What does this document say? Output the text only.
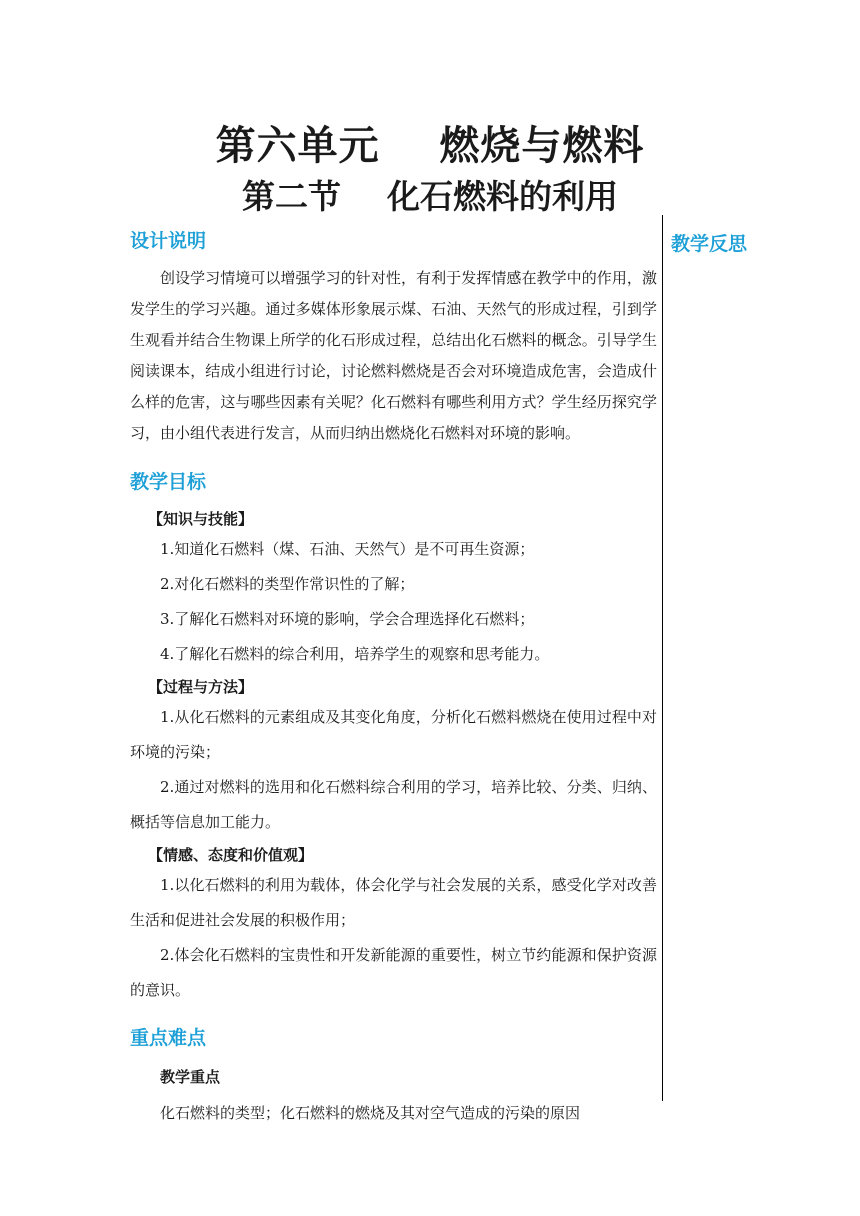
第六单元    燃烧与燃料
第二节    化石燃料的利用
教学反思
设计说明

创设学习情境可以增强学习的针对性，有利于发挥情感在教学中的作用，激发学生的学习兴趣。通过多媒体形象展示煤、石油、天然气的形成过程，引到学生观看并结合生物课上所学的化石形成过程，总结出化石燃料的概念。引导学生阅读课本，结成小组进行讨论，讨论燃料燃烧是否会对环境造成危害，会造成什么样的危害，这与哪些因素有关呢？化石燃料有哪些利用方式？学生经历探究学习，由小组代表进行发言，从而归纳出燃烧化石燃料对环境的影响。

教学目标

【知识与技能】

1.知道化石燃料（煤、石油、天然气）是不可再生资源；

2.对化石燃料的类型作常识性的了解；

3.了解化石燃料对环境的影响，学会合理选择化石燃料；

4.了解化石燃料的综合利用，培养学生的观察和思考能力。

【过程与方法】

1.从化石燃料的元素组成及其变化角度，分析化石燃料燃烧在使用过程中对环境的污染；

2.通过对燃料的选用和化石燃料综合利用的学习，培养比较、分类、归纳、概括等信息加工能力。

【情感、态度和价值观】

1.以化石燃料的利用为载体，体会化学与社会发展的关系，感受化学对改善生活和促进社会发展的积极作用；

2.体会化石燃料的宝贵性和开发新能源的重要性，树立节约能源和保护资源的意识。

重点难点

教学重点

化石燃料的类型；化石燃料的燃烧及其对空气造成的污染的原因
